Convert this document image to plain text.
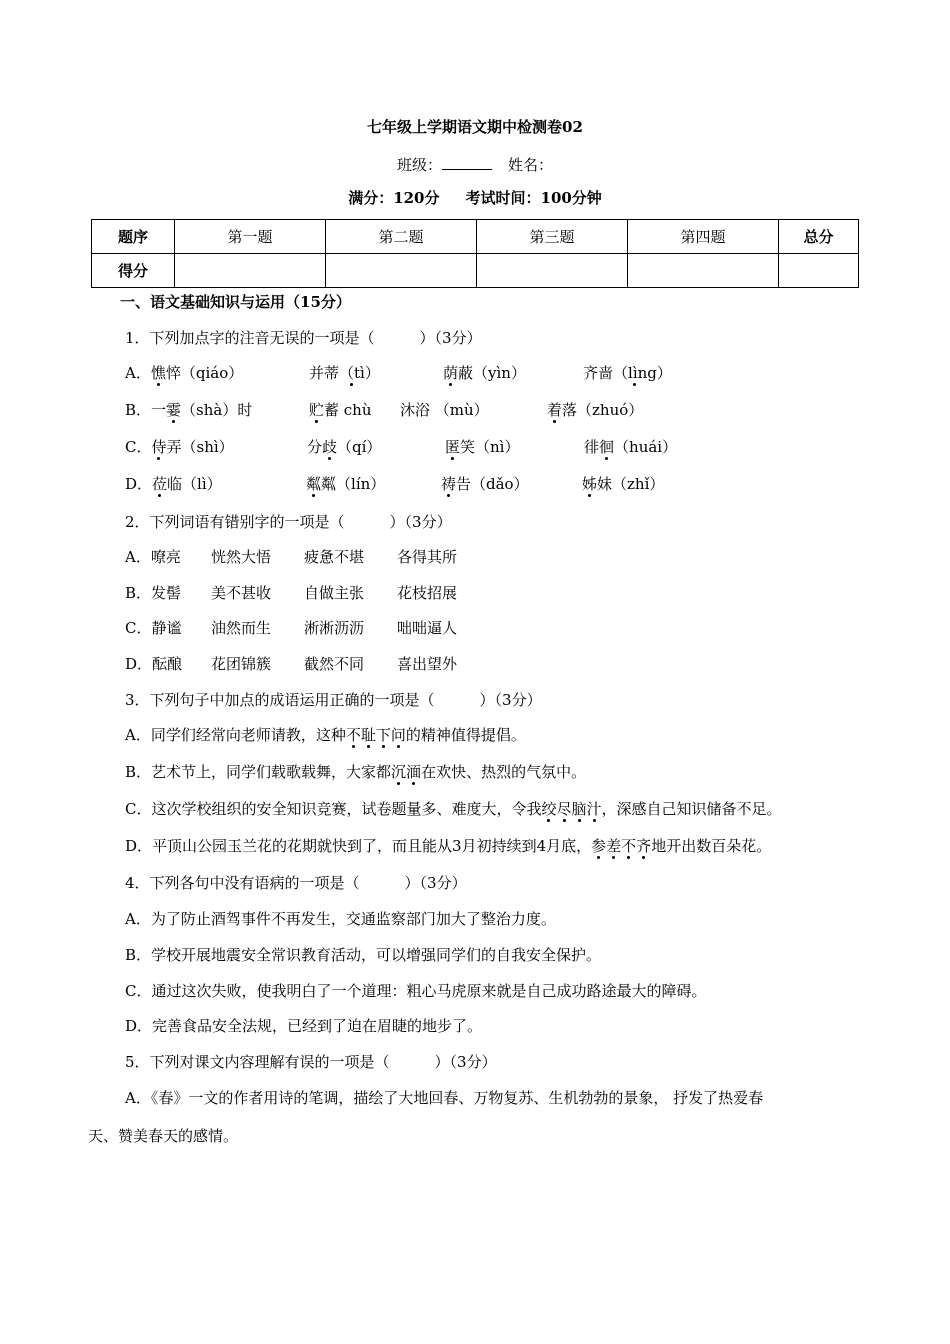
七年级上学期语文期中检测卷02
班级：	姓名：
满分：120分 考试时间：100分钟
题序	第一题	第二题	第三题	第四题	总分
得分					
一、语文基础知识与运用（15分）
1．下列加点字的注音无误的一项是（　　　）（3分）
A．憔悴（qiáo）	并蒂（tì）	荫蔽（yìn）	齐啬（lìng）
B．一霎（shà）时	贮蓄 chù 沐浴 （mù）	着落（zhuó）
C．侍弄（shì）	分歧（qí）	匿笑（nì）	徘徊（huái）
D．莅临（lì）	粼粼（lín）	祷告（dǎo）	姊妹（zhǐ）
2．下列词语有错别字的一项是（　　　）（3分）
A．嘹亮 恍然大悟 疲惫不堪 各得其所
B．发髻 美不甚收 自做主张 花枝招展
C．静谧 油然而生 淅淅沥沥 咄咄逼人
D．酝酿 花团锦簇 截然不同 喜出望外
3．下列句子中加点的成语运用正确的一项是（　　　）（3分）
A．同学们经常向老师请教，这种不耻下问的精神值得提倡。
B．艺术节上，同学们载歌载舞，大家都沉湎在欢快、热烈的气氛中。
C．这次学校组织的安全知识竞赛，试卷题量多、难度大，令我绞尽脑汁，深感自己知识储备不足。
D．平顶山公园玉兰花的花期就快到了，而且能从3月初持续到4月底，参差不齐地开出数百朵花。
4．下列各句中没有语病的一项是（　　　）（3分）
A．为了防止酒驾事件不再发生，交通监察部门加大了整治力度。
B．学校开展地震安全常识教育活动，可以增强同学们的自我安全保护。
C．通过这次失败，使我明白了一个道理：粗心马虎原来就是自己成功路途最大的障碍。
D．完善食品安全法规，已经到了迫在眉睫的地步了。
5．下列对课文内容理解有误的一项是（　　　）（3分）
A．《春》一文的作者用诗的笔调，描绘了大地回春、万物复苏、生机勃勃的景象， 抒发了热爱春
天、赞美春天的感情。
